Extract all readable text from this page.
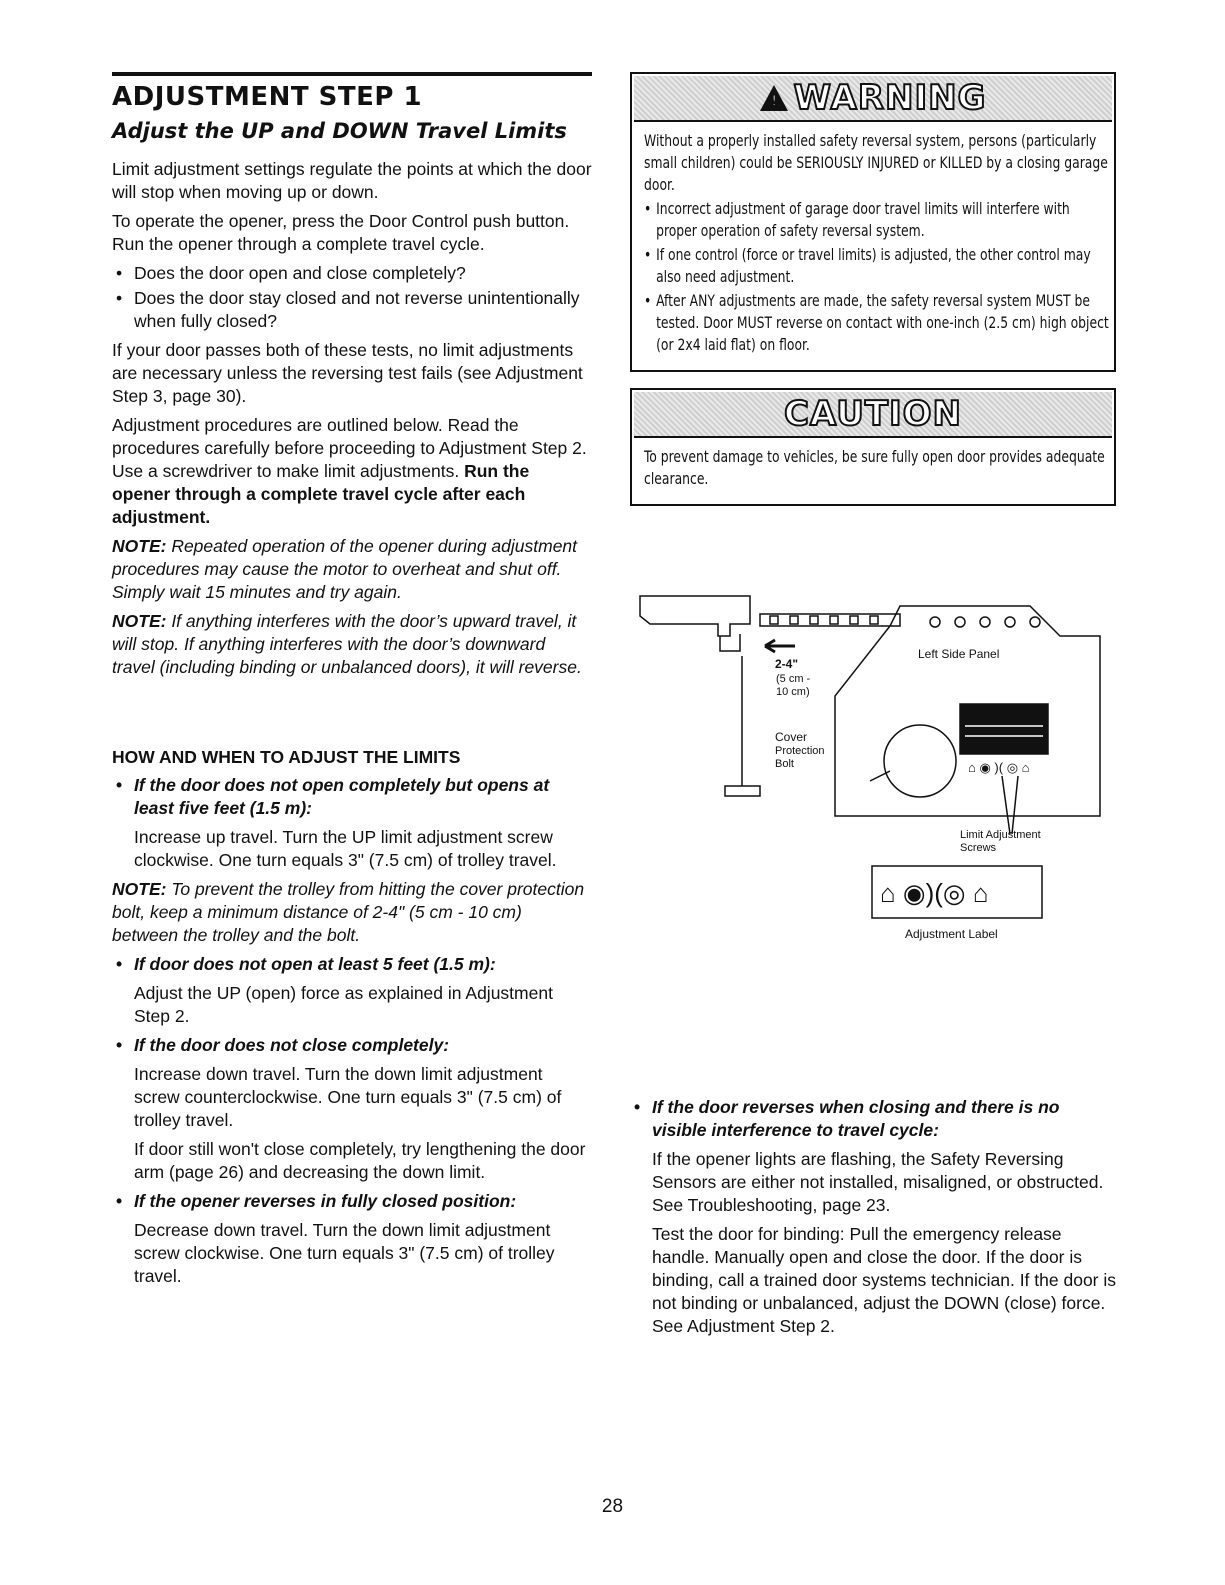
ADJUSTMENT STEP 1
Adjust the UP and DOWN Travel Limits

Limit adjustment settings regulate the points at which the door will stop when moving up or down.

To operate the opener, press the Door Control push button. Run the opener through a complete travel cycle.

• Does the door open and close completely?
• Does the door stay closed and not reverse unintentionally when fully closed?

If your door passes both of these tests, no limit adjustments are necessary unless the reversing test fails (see Adjustment Step 3, page 30).

Adjustment procedures are outlined below. Read the procedures carefully before proceeding to Adjustment Step 2. Use a screwdriver to make limit adjustments. Run the opener through a complete travel cycle after each adjustment.

NOTE: Repeated operation of the opener during adjustment procedures may cause the motor to overheat and shut off. Simply wait 15 minutes and try again.

NOTE: If anything interferes with the door’s upward travel, it will stop. If anything interferes with the door’s downward travel (including binding or unbalanced doors), it will reverse.

HOW AND WHEN TO ADJUST THE LIMITS
• If the door does not open completely but opens at least five feet (1.5 m):

Increase up travel. Turn the UP limit adjustment screw clockwise. One turn equals 3" (7.5 cm) of trolley travel.

NOTE: To prevent the trolley from hitting the cover protection bolt, keep a minimum distance of 2-4" (5 cm - 10 cm) between the trolley and the bolt.

• If door does not open at least 5 feet (1.5 m):

Adjust the UP (open) force as explained in Adjustment Step 2.

• If the door does not close completely:

Increase down travel. Turn the down limit adjustment screw counterclockwise. One turn equals 3" (7.5 cm) of trolley travel.

If door still won't close completely, try lengthening the door arm (page 26) and decreasing the down limit.

• If the opener reverses in fully closed position:

Decrease down travel. Turn the down limit adjustment screw clockwise. One turn equals 3" (7.5 cm) of trolley travel.

!
WARNING

Without a properly installed safety reversal system, persons (particularly small children) could be SERIOUSLY INJURED or KILLED by a closing garage door.

• Incorrect adjustment of garage door travel limits will interfere with proper operation of safety reversal system.

• If one control (force or travel limits) is adjusted, the other control may also need adjustment.

• After ANY adjustments are made, the safety reversal system MUST be tested. Door MUST reverse on contact with one-inch (2.5 cm) high object (or 2x4 laid flat) on floor.

CAUTION

To prevent damage to vehicles, be sure fully open door provides adequate clearance.

⌂ ◉ )( ◎ ⌂
2-4"
(5 cm -
10 cm)
Left Side Panel
Cover
Protection
Bolt
Limit Adjustment
Screws
⌂ ◉)(◎ ⌂
Adjustment Label
• If the door reverses when closing and there is no visible interference to travel cycle:

If the opener lights are flashing, the Safety Reversing Sensors are either not installed, misaligned, or obstructed. See Troubleshooting, page 23.

Test the door for binding: Pull the emergency release handle. Manually open and close the door. If the door is binding, call a trained door systems technician. If the door is not binding or unbalanced, adjust the DOWN (close) force. See Adjustment Step 2.

28
